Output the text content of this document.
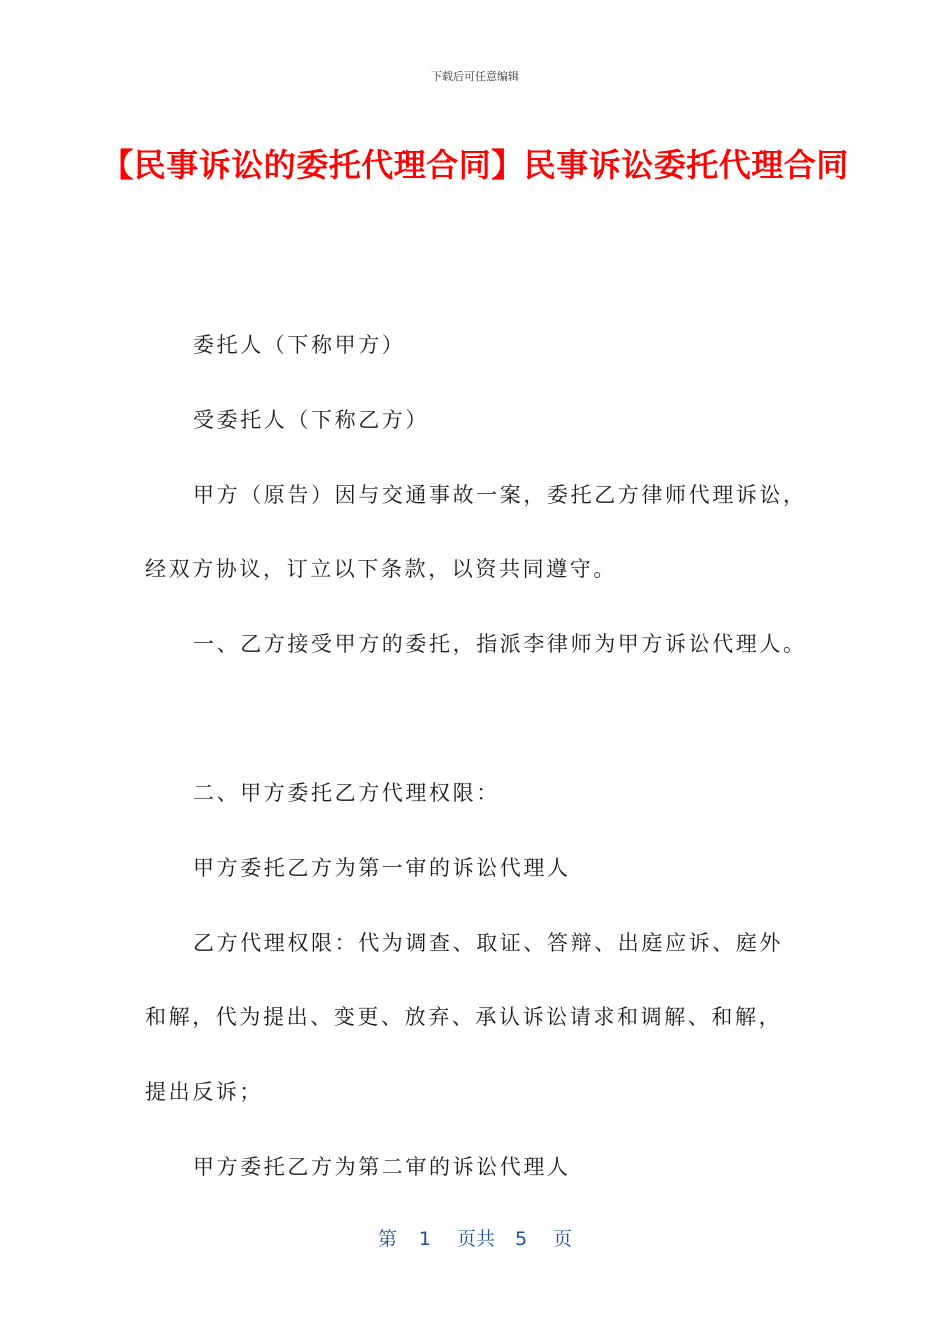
下载后可任意编辑
【民事诉讼的委托代理合同】民事诉讼委托代理合同
委托人（下称甲方）
受委托人（下称乙方）
甲方（原告）因与交通事故一案，委托乙方律师代理诉讼，
经双方协议，订立以下条款，以资共同遵守。
一、乙方接受甲方的委托，指派李律师为甲方诉讼代理人。
二、甲方委托乙方代理权限：
甲方委托乙方为第一审的诉讼代理人
乙方代理权限：代为调查、取证、答辩、出庭应诉、庭外
和解，代为提出、变更、放弃、承认诉讼请求和调解、和解，
提出反诉；
甲方委托乙方为第二审的诉讼代理人
第 1 页共 5 页
